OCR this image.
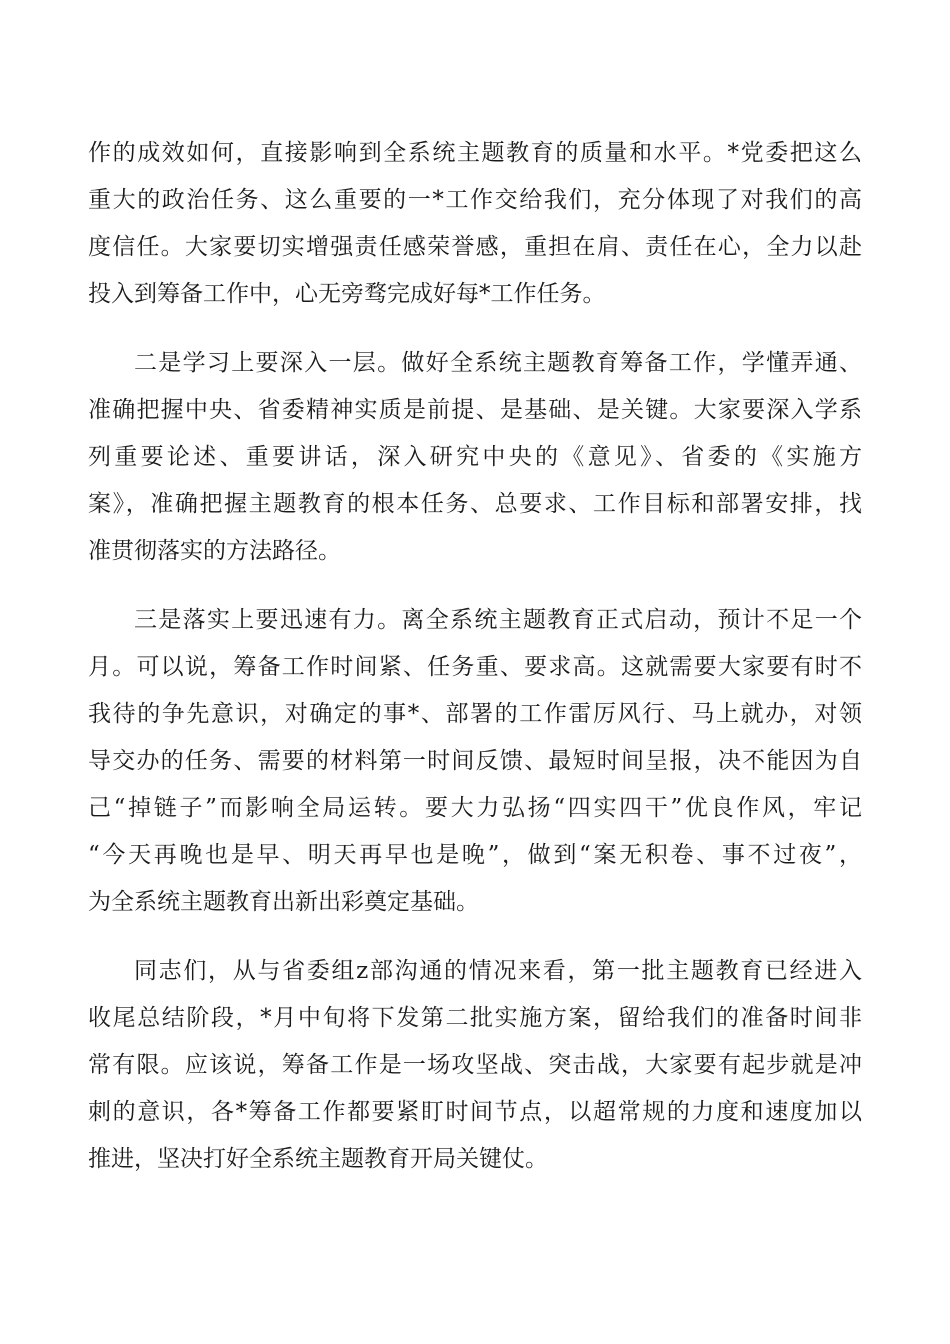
作的成效如何，直接影响到全系统主题教育的质量和水平。*党委把这么
重大的政治任务、这么重要的一*工作交给我们，充分体现了对我们的高
度信任。大家要切实增强责任感荣誉感，重担在肩、责任在心，全力以赴
投入到筹备工作中，心无旁骛完成好每*工作任务。
二是学习上要深入一层。做好全系统主题教育筹备工作，学懂弄通、
准确把握中央、省委精神实质是前提、是基础、是关键。大家要深入学系
列重要论述、重要讲话，深入研究中央的《意见》、省委的《实施方
案》，准确把握主题教育的根本任务、总要求、工作目标和部署安排，找
准贯彻落实的方法路径。
三是落实上要迅速有力。离全系统主题教育正式启动，预计不足一个
月。可以说，筹备工作时间紧、任务重、要求高。这就需要大家要有时不
我待的争先意识，对确定的事*、部署的工作雷厉风行、马上就办，对领
导交办的任务、需要的材料第一时间反馈、最短时间呈报，决不能因为自
己“掉链子”而影响全局运转。要大力弘扬“四实四干”优良作风，牢记
“今天再晚也是早、明天再早也是晚”，做到“案无积卷、事不过夜”，
为全系统主题教育出新出彩奠定基础。
同志们，从与省委组z部沟通的情况来看，第一批主题教育已经进入
收尾总结阶段，*月中旬将下发第二批实施方案，留给我们的准备时间非
常有限。应该说，筹备工作是一场攻坚战、突击战，大家要有起步就是冲
刺的意识，各*筹备工作都要紧盯时间节点，以超常规的力度和速度加以
推进，坚决打好全系统主题教育开局关键仗。
